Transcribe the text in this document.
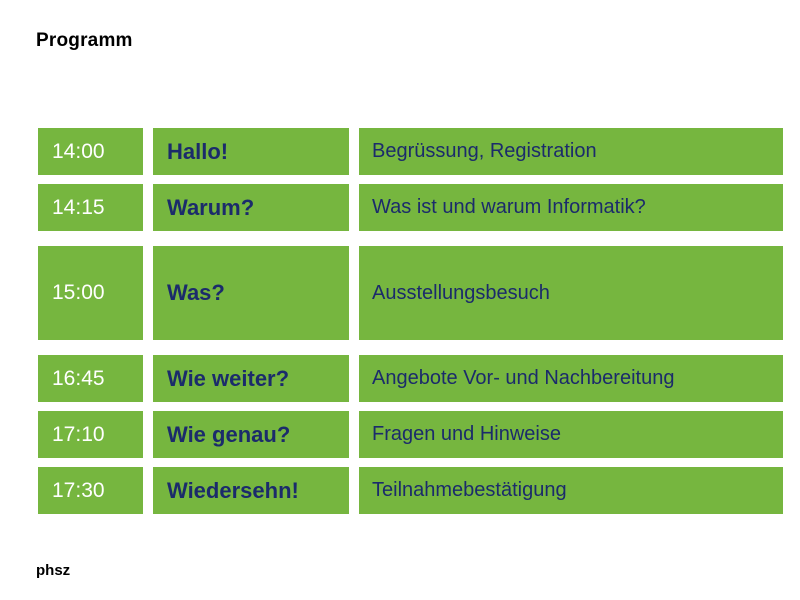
Programm
14:00	Hallo!	Begrüssung, Registration
14:15	Warum?	Was ist und warum Informatik?
15:00	Was?	Ausstellungsbesuch
16:45	Wie weiter?	Angebote Vor- und Nachbereitung
17:10	Wie genau?	Fragen und Hinweise
17:30	Wiedersehn!	Teilnahmebestätigung
phsz
